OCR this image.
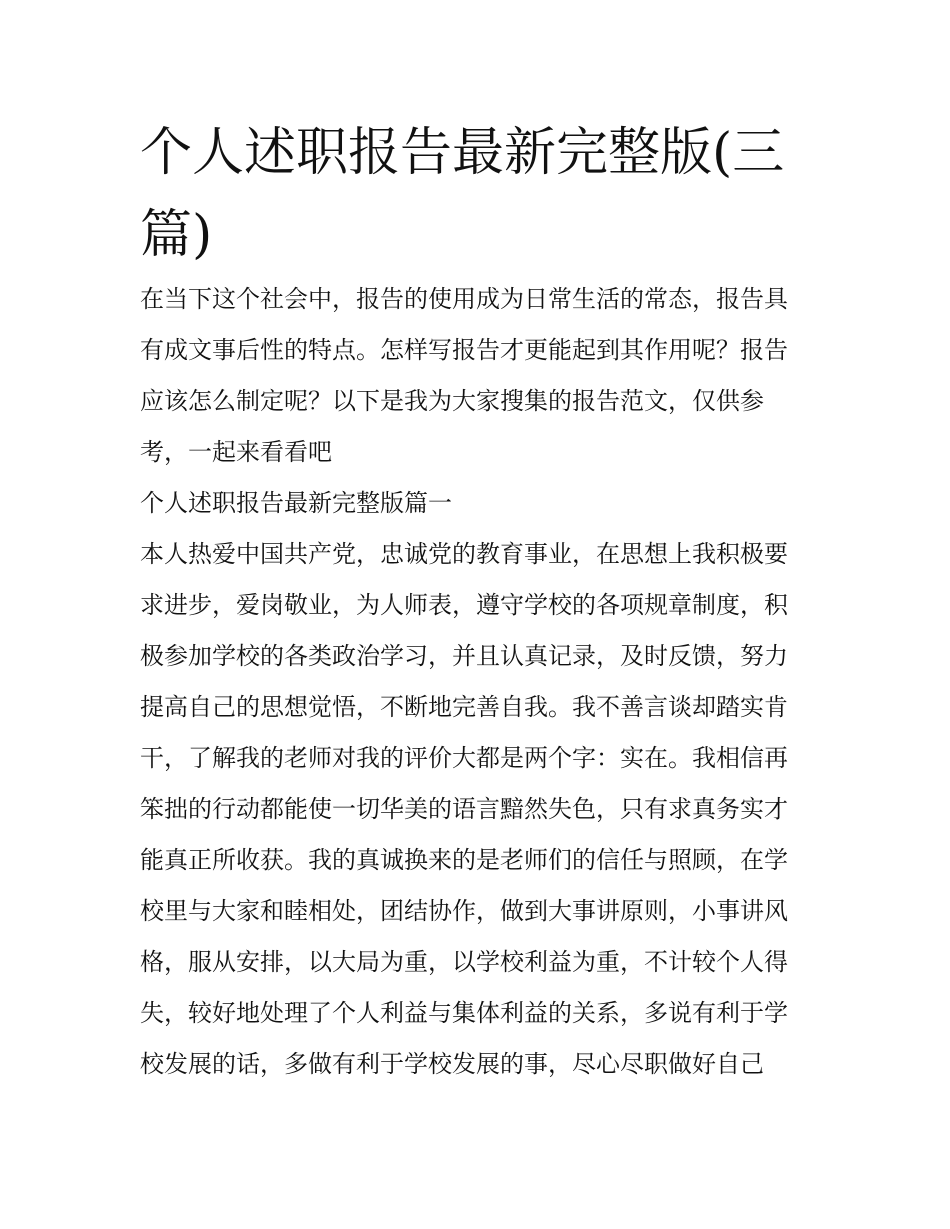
个人述职报告最新完整版(三
篇)
在当下这个社会中，报告的使用成为日常生活的常态，报告具
有成文事后性的特点。怎样写报告才更能起到其作用呢？报告
应该怎么制定呢？以下是我为大家搜集的报告范文，仅供参
考，一起来看看吧
个人述职报告最新完整版篇一
本人热爱中国共产党，忠诚党的教育事业，在思想上我积极要
求进步，爱岗敬业，为人师表，遵守学校的各项规章制度，积
极参加学校的各类政治学习，并且认真记录，及时反馈，努力
提高自己的思想觉悟，不断地完善自我。我不善言谈却踏实肯
干，了解我的老师对我的评价大都是两个字：实在。我相信再
笨拙的行动都能使一切华美的语言黯然失色，只有求真务实才
能真正所收获。我的真诚换来的是老师们的信任与照顾，在学
校里与大家和睦相处，团结协作，做到大事讲原则，小事讲风
格，服从安排，以大局为重，以学校利益为重，不计较个人得
失，较好地处理了个人利益与集体利益的关系，多说有利于学
校发展的话，多做有利于学校发展的事，尽心尽职做好自己
